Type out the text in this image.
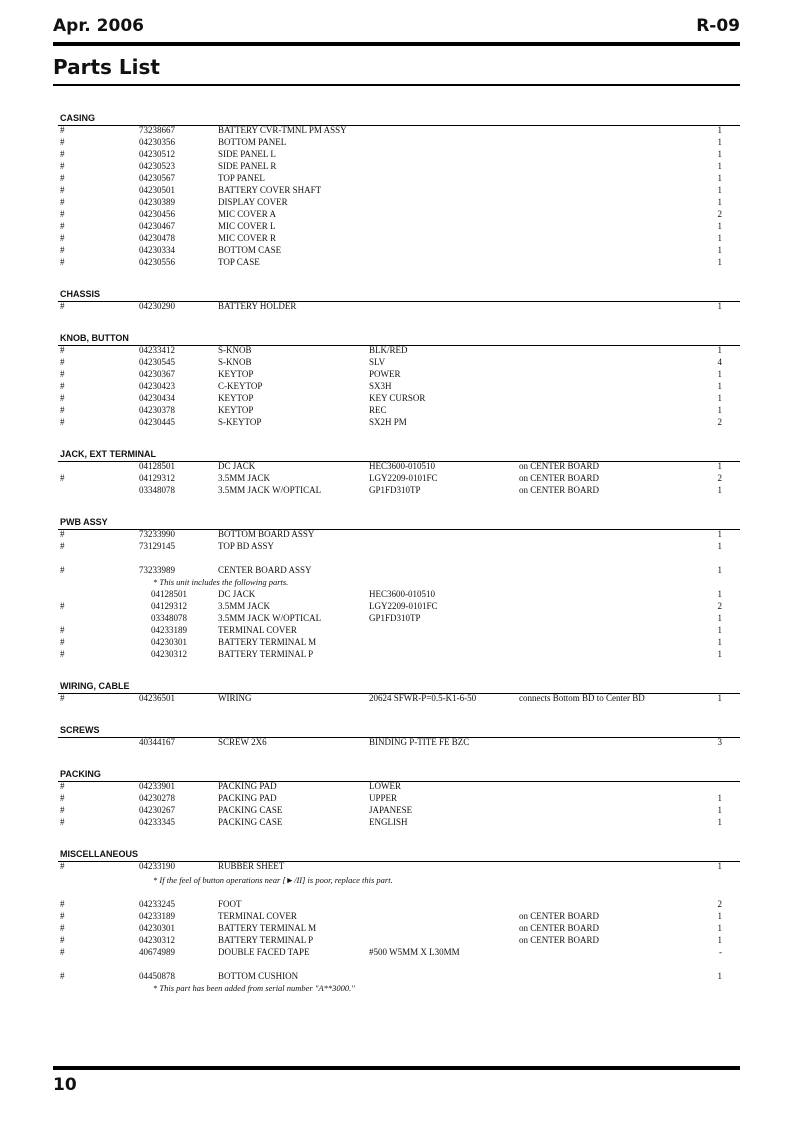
Apr. 2006	R-09
Parts List
CASING
#	73238667	BATTERY CVR-TMNL PM ASSY	1
#	04230356	BOTTOM PANEL	1
#	04230512	SIDE PANEL L	1
#	04230523	SIDE PANEL R	1
#	04230567	TOP PANEL	1
#	04230501	BATTERY COVER SHAFT	1
#	04230389	DISPLAY COVER	1
#	04230456	MIC COVER A	2
#	04230467	MIC COVER L	1
#	04230478	MIC COVER R	1
#	04230334	BOTTOM CASE	1
#	04230556	TOP CASE	1
CHASSIS
#	04230290	BATTERY HOLDER	1
KNOB, BUTTON
#	04233412	S-KNOB	BLK/RED	1
#	04230545	S-KNOB	SLV	4
#	04230367	KEYTOP	POWER	1
#	04230423	C-KEYTOP	SX3H	1
#	04230434	KEYTOP	KEY CURSOR	1
#	04230378	KEYTOP	REC	1
#	04230445	S-KEYTOP	SX2H PM	2
JACK, EXT TERMINAL
04128501	DC JACK	HEC3600-010510	on CENTER BOARD	1
#	04129312	3.5MM JACK	LGY2209-0101FC	on CENTER BOARD	2
03348078	3.5MM JACK W/OPTICAL	GP1FD310TP	on CENTER BOARD	1
PWB ASSY
#	73233990	BOTTOM BOARD ASSY	1
#	73129145	TOP BD ASSY	1
#	73233989	CENTER BOARD ASSY	1
* This unit includes the following parts.
04128501	DC JACK	HEC3600-010510	1
#	04129312	3.5MM JACK	LGY2209-0101FC	2
03348078	3.5MM JACK W/OPTICAL	GP1FD310TP	1
#	04233189	TERMINAL COVER	1
#	04230301	BATTERY TERMINAL M	1
#	04230312	BATTERY TERMINAL P	1
WIRING, CABLE
#	04236501	WIRING	20624 SFWR-P=0.5-K1-6-50	connects Bottom BD to Center BD	1
SCREWS
40344167	SCREW 2X6	BINDING P-TITE FE BZC	3
PACKING
#	04233901	PACKING PAD	LOWER
#	04230278	PACKING PAD	UPPER	1
#	04230267	PACKING CASE	JAPANESE	1
#	04233345	PACKING CASE	ENGLISH	1
MISCELLANEOUS
#	04233190	RUBBER SHEET	1
* If the feel of button operations near [►/II] is poor, replace this part.
#	04233245	FOOT	2
#	04233189	TERMINAL COVER	on CENTER BOARD	1
#	04230301	BATTERY TERMINAL M	on CENTER BOARD	1
#	04230312	BATTERY TERMINAL P	on CENTER BOARD	1
#	40674989	DOUBLE FACED TAPE	#500 W5MM X L30MM	-
#	04450878	BOTTOM CUSHION	1
* This part has been added from serial number "A**3000."
10
